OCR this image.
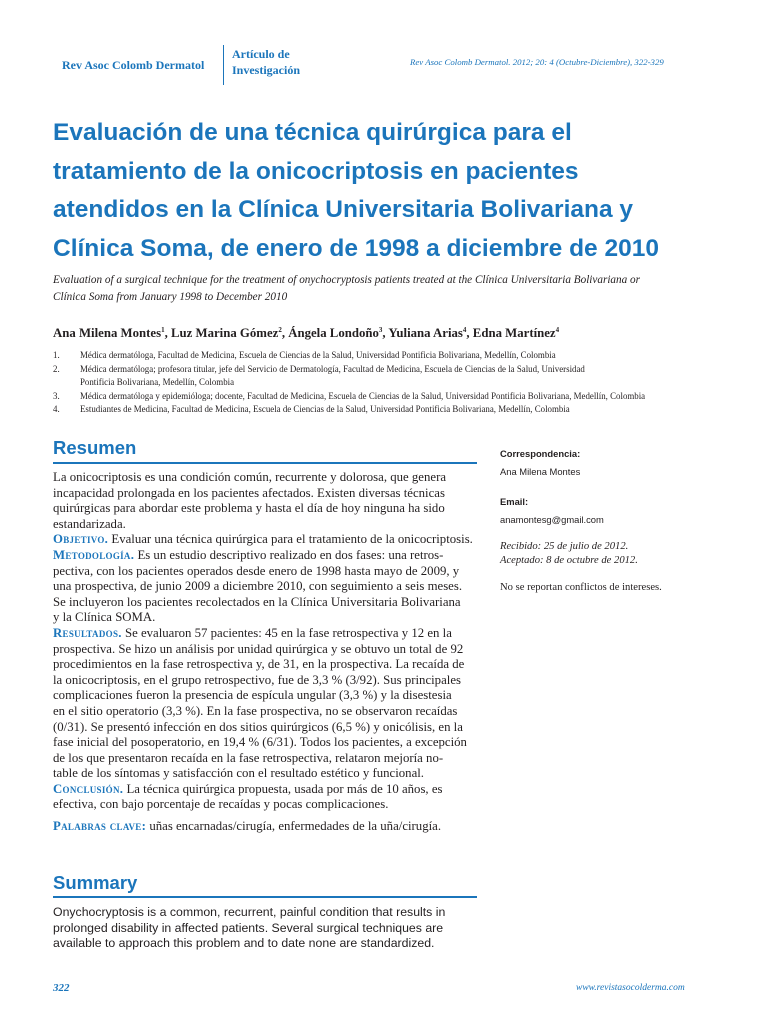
Rev Asoc Colomb Dermatol
Artículo de
Investigación
Rev Asoc Colomb Dermatol. 2012; 20: 4 (Octubre-Diciembre), 322-329
Evaluación de una técnica quirúrgica para el
tratamiento de la onicocriptosis en pacientes
atendidos en la Clínica Universitaria Bolivariana y
Clínica Soma, de enero de 1998 a diciembre de 2010
Evaluation of a surgical technique for the treatment of onychocryptosis patients treated at the Clínica Universitaria Bolivariana or
Clínica Soma from January 1998 to December 2010
Ana Milena Montes$^1$, Luz Marina Gómez$^2$, Ángela Londoño$^3$, Yuliana Arias$^4$, Edna Martínez$^4$
1. Médica dermatóloga, Facultad de Medicina, Escuela de Ciencias de la Salud, Universidad Pontificia Bolivariana, Medellín, Colombia
2. Médica dermatóloga; profesora titular, jefe del Servicio de Dermatología, Facultad de Medicina, Escuela de Ciencias de la Salud, Universidad
Pontificia Bolivariana, Medellín, Colombia
3. Médica dermatóloga y epidemióloga; docente, Facultad de Medicina, Escuela de Ciencias de la Salud, Universidad Pontificia Bolivariana, Medellín, Colombia
4. Estudiantes de Medicina, Facultad de Medicina, Escuela de Ciencias de la Salud, Universidad Pontificia Bolivariana, Medellín, Colombia
Resumen
La onicocriptosis es una condición común, recurrente y dolorosa, que genera
incapacidad prolongada en los pacientes afectados. Existen diversas técnicas
quirúrgicas para abordar este problema y hasta el día de hoy ninguna ha sido
estandarizada.
Objetivo. Evaluar una técnica quirúrgica para el tratamiento de la onicocriptosis.
Metodología. Es un estudio descriptivo realizado en dos fases: una retros-
pectiva, con los pacientes operados desde enero de 1998 hasta mayo de 2009, y
una prospectiva, de junio 2009 a diciembre 2010, con seguimiento a seis meses.
Se incluyeron los pacientes recolectados en la Clínica Universitaria Bolivariana
y la Clínica SOMA.
Resultados. Se evaluaron 57 pacientes: 45 en la fase retrospectiva y 12 en la
prospectiva. Se hizo un análisis por unidad quirúrgica y se obtuvo un total de 92
procedimientos en la fase retrospectiva y, de 31, en la prospectiva. La recaída de
la onicocriptosis, en el grupo retrospectivo, fue de 3,3 % (3/92). Sus principales
complicaciones fueron la presencia de espícula ungular (3,3 %) y la disestesia
en el sitio operatorio (3,3 %). En la fase prospectiva, no se observaron recaídas
(0/31). Se presentó infección en dos sitios quirúrgicos (6,5 %) y onicólisis, en la
fase inicial del posoperatorio, en 19,4 % (6/31). Todos los pacientes, a excepción
de los que presentaron recaída en la fase retrospectiva, relataron mejoría no-
table de los síntomas y satisfacción con el resultado estético y funcional.
Conclusión. La técnica quirúrgica propuesta, usada por más de 10 años, es
efectiva, con bajo porcentaje de recaídas y pocas complicaciones.
Palabras clave: uñas encarnadas/cirugía, enfermedades de la uña/cirugía.
Summary
Onychocryptosis is a common, recurrent, painful condition that results in
prolonged disability in affected patients. Several surgical techniques are
available to approach this problem and to date none are standardized.
Correspondencia:
Ana Milena Montes
Email:
anamontesg@gmail.com
Recibido: 25 de julio de 2012.
Aceptado: 8 de octubre de 2012.
No se reportan conflictos de intereses.
322	www.revistasocolderma.com
